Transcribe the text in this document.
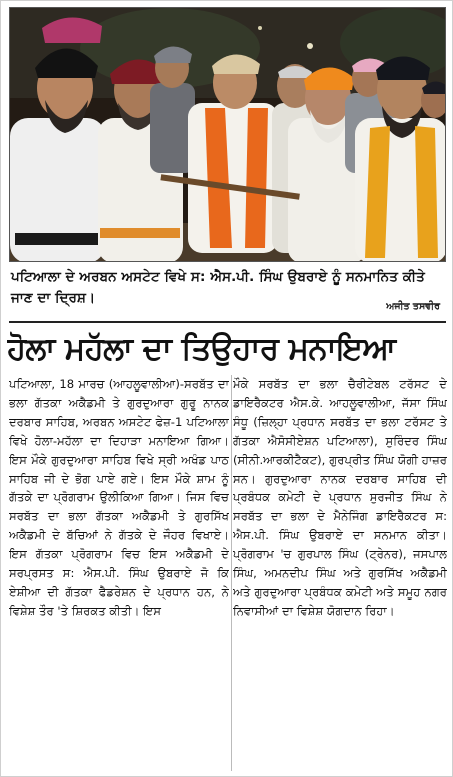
ਪਟਿਆਲਾ ਦੇ ਅਰਬਨ ਅਸਟੇਟ ਵਿਖੇ ਸ: ਐਸ.ਪੀ. ਸਿੰਘ ਉਬਰਾਏ ਨੂੰ ਸਨਮਾਨਿਤ ਕੀਤੇ ਜਾਣ ਦਾ ਦ੍ਰਿਸ਼।
ਅਜੀਤ ਤਸਵੀਰ
ਹੋਲਾ ਮਹੱਲਾ ਦਾ ਤਿਉਹਾਰ ਮਨਾਇਆ
ਪਟਿਆਲਾ, 18 ਮਾਰਚ (ਆਹਲੂਵਾਲੀਆ)-ਸਰਬੱਤ ਦਾ ਭਲਾ ਗੱਤਕਾ ਅਕੈਡਮੀ ਤੇ ਗੁਰਦੁਆਰਾ ਗੁਰੂ ਨਾਨਕ ਦਰਬਾਰ ਸਾਹਿਬ, ਅਰਬਨ ਅਸਟੇਟ ਫੇਜ਼-1 ਪਟਿਆਲਾ ਵਿਖੇ ਹੋਲਾ-ਮਹੱਲਾ ਦਾ ਦਿਹਾੜਾ ਮਨਾਇਆ ਗਿਆ। ਇਸ ਮੌਕੇ ਗੁਰਦੁਆਰਾ ਸਾਹਿਬ ਵਿਖੇ ਸ੍ਰੀ ਅਖੰਡ ਪਾਠ ਸਾਹਿਬ ਜੀ ਦੇ ਭੋਗ ਪਾਏ ਗਏ। ਇਸ ਮੌਕੇ ਸ਼ਾਮ ਨੂੰ ਗੱਤਕੇ ਦਾ ਪ੍ਰੋਗਰਾਮ ਉਲੀਕਿਆ ਗਿਆ। ਜਿਸ ਵਿਚ ਸਰਬੱਤ ਦਾ ਭਲਾ ਗੱਤਕਾ ਅਕੈਡਮੀ ਤੇ ਗੁਰਸਿੱਖ ਅਕੈਡਮੀ ਦੇ ਬੱਚਿਆਂ ਨੇ ਗੱਤਕੇ ਦੇ ਜੌਹਰ ਵਿਖਾਏ। ਇਸ ਗੱਤਕਾ ਪ੍ਰੋਗਰਾਮ ਵਿਚ ਇਸ ਅਕੈਡਮੀ ਦੇ ਸਰਪ੍ਰਸਤ ਸ: ਐਸ.ਪੀ. ਸਿੰਘ ਉਬਰਾਏ ਜੋ ਕਿ ਏਸ਼ੀਆ ਦੀ ਗੱਤਕਾ ਫੈਡਰੇਸ਼ਨ ਦੇ ਪ੍ਰਧਾਨ ਹਨ, ਨੇ ਵਿਸ਼ੇਸ਼ ਤੌਰ 'ਤੇ ਸ਼ਿਰਕਤ ਕੀਤੀ। ਇਸ
ਮੌਕੇ ਸਰਬੱਤ ਦਾ ਭਲਾ ਚੈਰੀਟੇਬਲ ਟਰੱਸਟ ਦੇ ਡਾਇਰੈਕਟਰ ਐਸ.ਕੇ. ਆਹਲੂਵਾਲੀਆ, ਜੱਸਾ ਸਿੰਘ ਸੰਧੂ (ਜ਼ਿਲ੍ਹਾ ਪ੍ਰਧਾਨ ਸਰਬੱਤ ਦਾ ਭਲਾ ਟਰੱਸਟ ਤੇ ਗੱਤਕਾ ਐਸੋਸੀਏਸ਼ਨ ਪਟਿਆਲਾ), ਸੁਰਿੰਦਰ ਸਿੰਘ (ਸੀਨੀ.ਆਰਕੀਟੈਕਟ), ਗੁਰਪ੍ਰੀਤ ਸਿੰਘ ਯੋਗੀ ਹਾਜ਼ਰ ਸਨ। ਗੁਰਦੁਆਰਾ ਨਾਨਕ ਦਰਬਾਰ ਸਾਹਿਬ ਦੀ ਪ੍ਰਬੰਧਕ ਕਮੇਟੀ ਦੇ ਪ੍ਰਧਾਨ ਸੁਰਜੀਤ ਸਿੰਘ ਨੇ ਸਰਬੱਤ ਦਾ ਭਲਾ ਦੇ ਮੈਨੇਜਿੰਗ ਡਾਇਰੈਕਟਰ ਸ: ਐਸ.ਪੀ. ਸਿੰਘ ਉਬਰਾਏ ਦਾ ਸਨਮਾਨ ਕੀਤਾ। ਪ੍ਰੋਗਰਾਮ 'ਚ ਗੁਰਪਾਲ ਸਿੰਘ (ਟ੍ਰੇਨਰ), ਜਸਪਾਲ ਸਿੰਘ, ਅਮਨਦੀਪ ਸਿੰਘ ਅਤੇ ਗੁਰਸਿੱਖ ਅਕੈਡਮੀ ਅਤੇ ਗੁਰਦੁਆਰਾ ਪ੍ਰਬੰਧਕ ਕਮੇਟੀ ਅਤੇ ਸਮੂਹ ਨਗਰ ਨਿਵਾਸੀਆਂ ਦਾ ਵਿਸ਼ੇਸ਼ ਯੋਗਦਾਨ ਰਿਹਾ।
